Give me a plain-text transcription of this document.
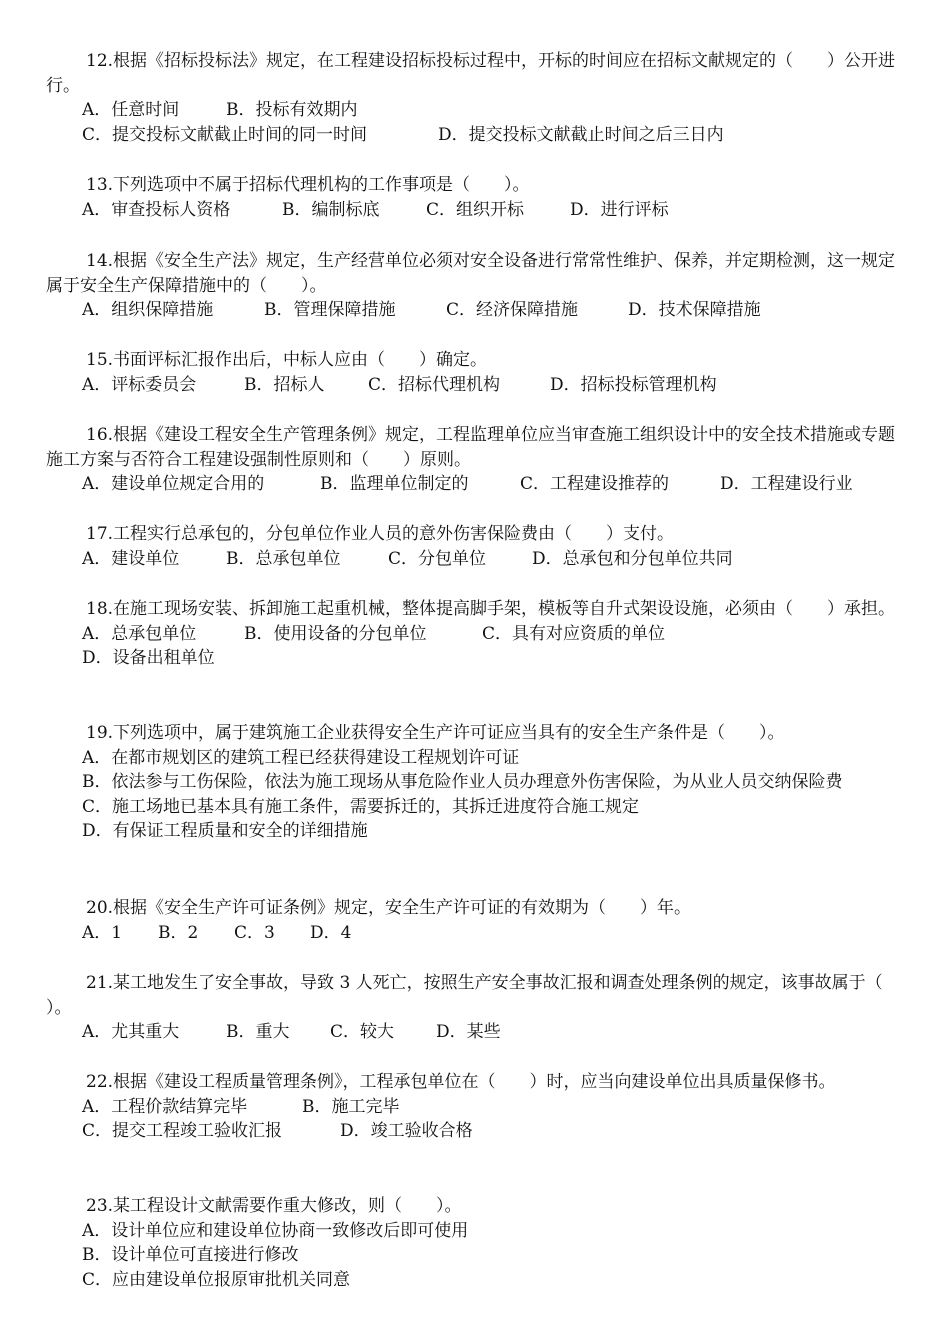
12.根据《招标投标法》规定，在工程建设招标投标过程中，开标的时间应在招标文献规定的（　　）公开进行。

A．任意时间	B．投标有效期内
C．提交投标文献截止时间的同一时间	D．提交投标文献截止时间之后三日内

13.下列选项中不属于招标代理机构的工作事项是（　　）。

A．审查投标人资格	B．编制标底	C．组织开标	D．进行评标

14.根据《安全生产法》规定，生产经营单位必须对安全设备进行常常性维护、保养，并定期检测，这一规定属于安全生产保障措施中的（　　）。

A．组织保障措施	B．管理保障措施	C．经济保障措施	D．技术保障措施

15.书面评标汇报作出后，中标人应由（　　）确定。

A．评标委员会	B．招标人	C．招标代理机构	D．招标投标管理机构

16.根据《建设工程安全生产管理条例》规定，工程监理单位应当审查施工组织设计中的安全技术措施或专题施工方案与否符合工程建设强制性原则和（　　）原则。

A．建设单位规定合用的	B．监理单位制定的	C．工程建设推荐的	D．工程建设行业

17.工程实行总承包的，分包单位作业人员的意外伤害保险费由（　　）支付。

A．建设单位	B．总承包单位	C．分包单位	D．总承包和分包单位共同

18.在施工现场安装、拆卸施工起重机械，整体提高脚手架，模板等自升式架设设施，必须由（　　）承担。

A．总承包单位	B．使用设备的分包单位	C．具有对应资质的单位
D．设备出租单位

19.下列选项中，属于建筑施工企业获得安全生产许可证应当具有的安全生产条件是（　　）。

A．在都市规划区的建筑工程已经获得建设工程规划许可证
B．依法参与工伤保险，依法为施工现场从事危险作业人员办理意外伤害保险，为从业人员交纳保险费
C．施工场地已基本具有施工条件，需要拆迁的，其拆迁进度符合施工规定
D．有保证工程质量和安全的详细措施

20.根据《安全生产许可证条例》规定，安全生产许可证的有效期为（　　）年。

A．1 B．2 C．3 D．4

21.某工地发生了安全事故，导致 3 人死亡，按照生产安全事故汇报和调查处理条例的规定，该事故属于（　　）。

A．尤其重大	B．重大 C．较大 D．某些

22.根据《建设工程质量管理条例》，工程承包单位在（　　）时，应当向建设单位出具质量保修书。

A．工程价款结算完毕	B．施工完毕
C．提交工程竣工验收汇报	D．竣工验收合格

23.某工程设计文献需要作重大修改，则（　　）。

A．设计单位应和建设单位协商一致修改后即可使用
B．设计单位可直接进行修改
C．应由建设单位报原审批机关同意
